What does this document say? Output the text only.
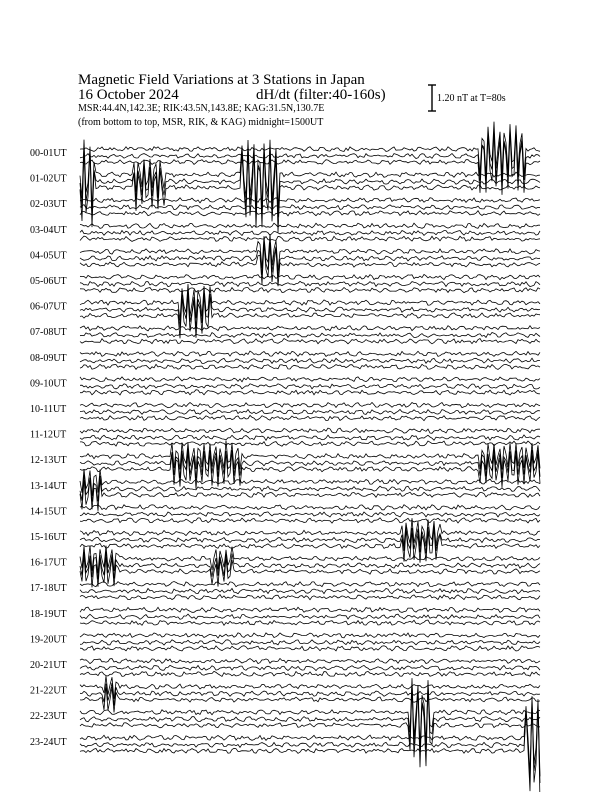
Magnetic Field Variations at 3 Stations in Japan
16 October 2024	dH/dt (filter:40-160s)
MSR:44.4N,142.3E; RIK:43.5N,143.8E; KAG:31.5N,130.7E
(from bottom to top, MSR, RIK, & KAG) midnight=1500UT
1.20 nT at T=80s
00-01UT
01-02UT
02-03UT
03-04UT
04-05UT
05-06UT
06-07UT
07-08UT
08-09UT
09-10UT
10-11UT
11-12UT
12-13UT
13-14UT
14-15UT
15-16UT
16-17UT
17-18UT
18-19UT
19-20UT
20-21UT
21-22UT
22-23UT
23-24UT
